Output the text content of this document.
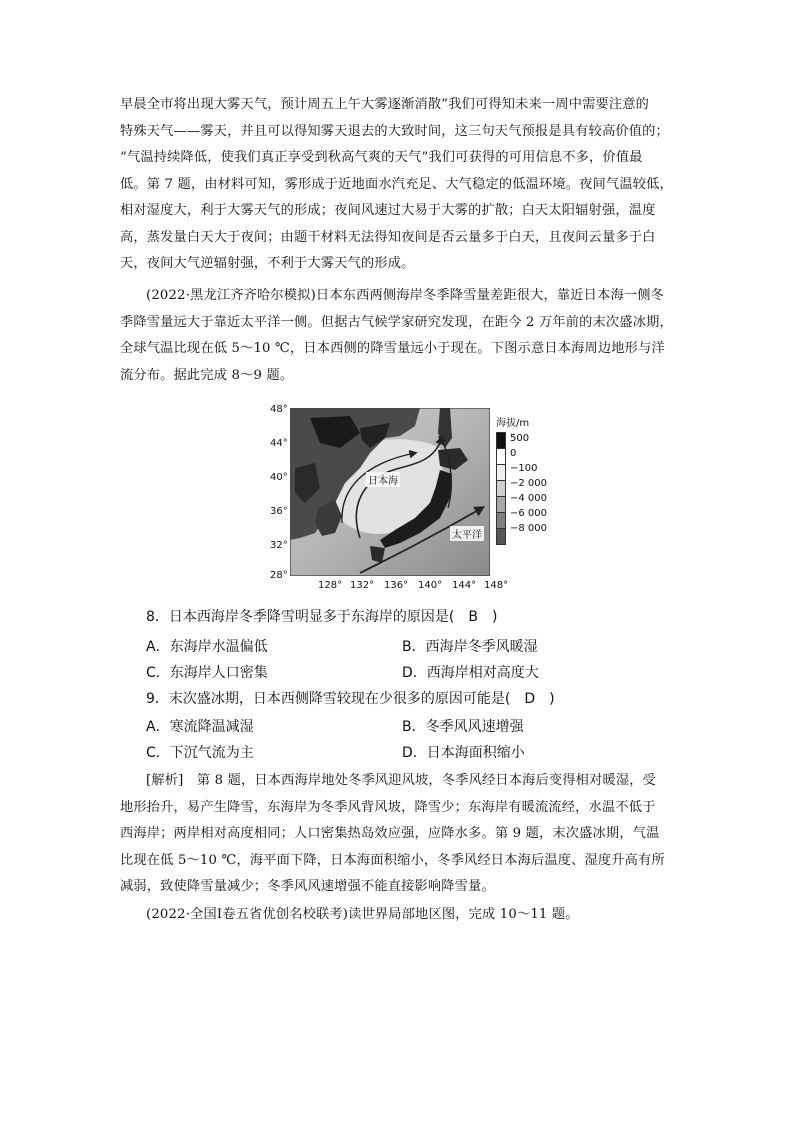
早晨全市将出现大雾天气，预计周五上午大雾逐渐消散”我们可得知未来一周中需要注意的
特殊天气——雾天，并且可以得知雾天退去的大致时间，这三句天气预报是具有较高价值的；
“气温持续降低，使我们真正享受到秋高气爽的天气”我们可获得的可用信息不多，价值最
低。第 7 题，由材料可知，雾形成于近地面水汽充足、大气稳定的低温环境。夜间气温较低，
相对湿度大，利于大雾天气的形成；夜间风速过大易于大雾的扩散；白天太阳辐射强，温度
高，蒸发量白天大于夜间；由题干材料无法得知夜间是否云量多于白天，且夜间云量多于白
天，夜间大气逆辐射强，不利于大雾天气的形成。
(2022·黑龙江齐齐哈尔模拟)日本东西两侧海岸冬季降雪量差距很大，靠近日本海一侧冬
季降雪量远大于靠近太平洋一侧。但据古气候学家研究发现，在距今 2 万年前的末次盛冰期，
全球气温比现在低 5～10 ℃，日本西侧的降雪量远小于现在。下图示意日本海周边地形与洋
流分布。据此完成 8～9 题。
48°
44°
40°
36°
32°
28°
日本海
太平洋
128° 132° 136° 140° 144° 148°
海拔/m
500
0
−100
−2 000
−4 000
−6 000
−8 000
8．日本西海岸冬季降雪明显多于东海岸的原因是(　B　)
A．东海岸水温偏低	B．西海岸冬季风暖湿
C．东海岸人口密集	D．西海岸相对高度大
9．末次盛冰期，日本西侧降雪较现在少很多的原因可能是(　D　)
A．寒流降温减湿	B．冬季风风速增强
C．下沉气流为主	D．日本海面积缩小
[解析]　第 8 题，日本西海岸地处冬季风迎风坡，冬季风经日本海后变得相对暖湿，受
地形抬升，易产生降雪，东海岸为冬季风背风坡，降雪少；东海岸有暖流流经，水温不低于
西海岸；两岸相对高度相同；人口密集热岛效应强，应降水多。第 9 题，末次盛冰期，气温
比现在低 5～10 ℃，海平面下降，日本海面积缩小，冬季风经日本海后温度、湿度升高有所
减弱，致使降雪量减少；冬季风风速增强不能直接影响降雪量。
(2022·全国Ⅰ卷五省优创名校联考)读世界局部地区图，完成 10～11 题。
